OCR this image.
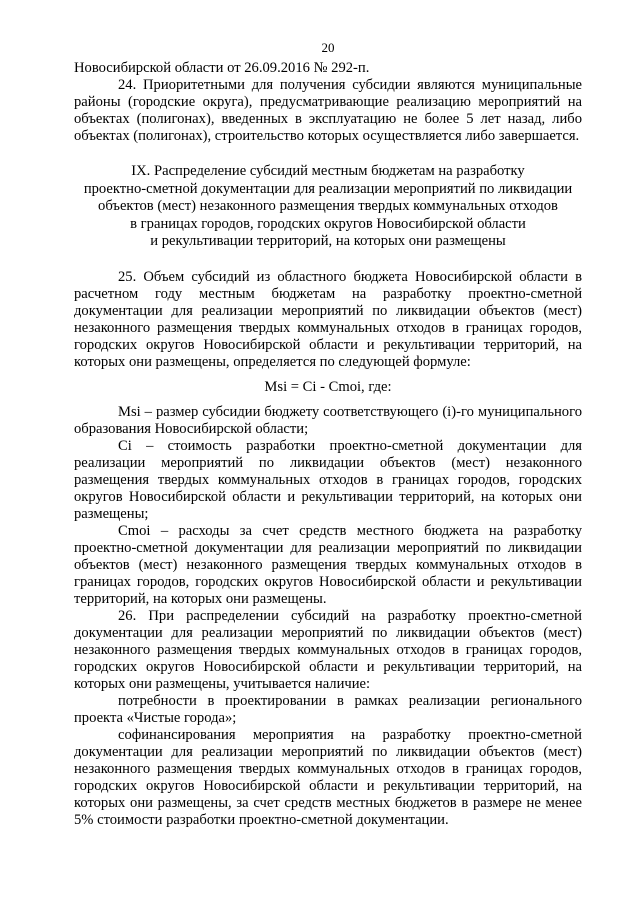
20

Новосибирской области от 26.09.2016 № 292-п.

24. Приоритетными для получения субсидии являются муниципальные районы (городские округа), предусматривающие реализацию мероприятий на объектах (полигонах), введенных в эксплуатацию не более 5 лет назад, либо объектах (полигонах), строительство которых осуществляется либо завершается.

IX. Распределение субсидий местным бюджетам на разработку
проектно-сметной документации для реализации мероприятий по ликвидации
объектов (мест) незаконного размещения твердых коммунальных отходов
в границах городов, городских округов Новосибирской области
и рекультивации территорий, на которых они размещены

25. Объем субсидий из областного бюджета Новосибирской области в расчетном году местным бюджетам на разработку проектно-сметной документации для реализации мероприятий по ликвидации объектов (мест) незаконного размещения твердых коммунальных отходов в границах городов, городских округов Новосибирской области и рекультивации территорий, на которых они размещены, определяется по следующей формуле:

Msi = Ci - Cmoi, где:

Msi – размер субсидии бюджету соответствующего (i)-го муниципального образования Новосибирской области;

Ci – стоимость разработки проектно-сметной документации для реализации мероприятий по ликвидации объектов (мест) незаконного размещения твердых коммунальных отходов в границах городов, городских округов Новосибирской области и рекультивации территорий, на которых они размещены;

Cmoi – расходы за счет средств местного бюджета на разработку проектно-сметной документации для реализации мероприятий по ликвидации объектов (мест) незаконного размещения твердых коммунальных отходов в границах городов, городских округов Новосибирской области и рекультивации территорий, на которых они размещены.

26. При распределении субсидий на разработку проектно-сметной документации для реализации мероприятий по ликвидации объектов (мест) незаконного размещения твердых коммунальных отходов в границах городов, городских округов Новосибирской области и рекультивации территорий, на которых они размещены, учитывается наличие:

потребности в проектировании в рамках реализации регионального проекта «Чистые города»;

софинансирования мероприятия на разработку проектно-сметной документации для реализации мероприятий по ликвидации объектов (мест) незаконного размещения твердых коммунальных отходов в границах городов, городских округов Новосибирской области и рекультивации территорий, на которых они размещены, за счет средств местных бюджетов в размере не менее 5% стоимости разработки проектно-сметной документации.
